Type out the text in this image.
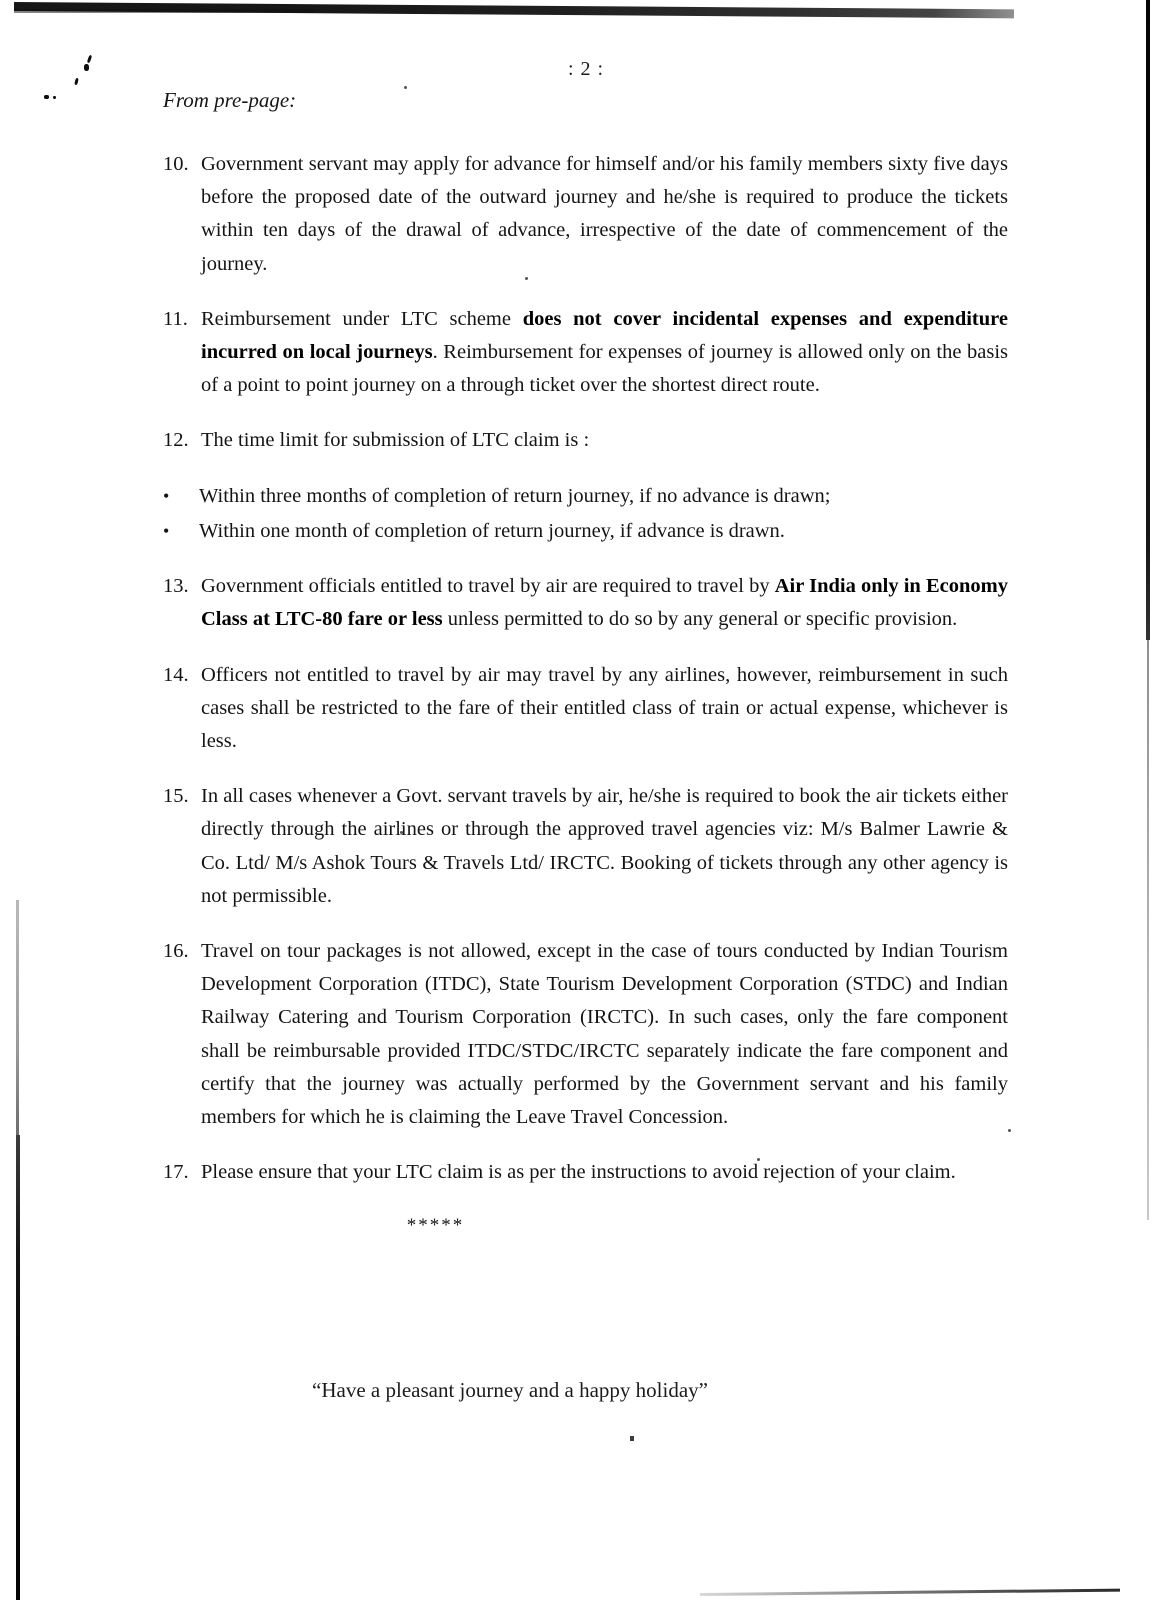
: 2 :
From pre-page:
10. Government servant may apply for advance for himself and/or his family members sixty five days before the proposed date of the outward journey and he/she is required to produce the tickets within ten days of the drawal of advance, irrespective of the date of commencement of the journey.
11. Reimbursement under LTC scheme does not cover incidental expenses and expenditure incurred on local journeys. Reimbursement for expenses of journey is allowed only on the basis of a point to point journey on a through ticket over the shortest direct route.
12. The time limit for submission of LTC claim is :
•	Within three months of completion of return journey, if no advance is drawn;
•	Within one month of completion of return journey, if advance is drawn.
13. Government officials entitled to travel by air are required to travel by Air India only in Economy Class at LTC-80 fare or less unless permitted to do so by any general or specific provision.
14. Officers not entitled to travel by air may travel by any airlines, however, reimbursement in such cases shall be restricted to the fare of their entitled class of train or actual expense, whichever is less.
15. In all cases whenever a Govt. servant travels by air, he/she is required to book the air tickets either directly through the airlines or through the approved travel agencies viz: M/s Balmer Lawrie & Co. Ltd/ M/s Ashok Tours & Travels Ltd/ IRCTC. Booking of tickets through any other agency is not permissible.
16. Travel on tour packages is not allowed, except in the case of tours conducted by Indian Tourism Development Corporation (ITDC), State Tourism Development Corporation (STDC) and Indian Railway Catering and Tourism Corporation (IRCTC). In such cases, only the fare component shall be reimbursable provided ITDC/STDC/IRCTC separately indicate the fare component and certify that the journey was actually performed by the Government servant and his family members for which he is claiming the Leave Travel Concession.
17. Please ensure that your LTC claim is as per the instructions to avoid rejection of your claim.
*****
“Have a pleasant journey and a happy holiday”
